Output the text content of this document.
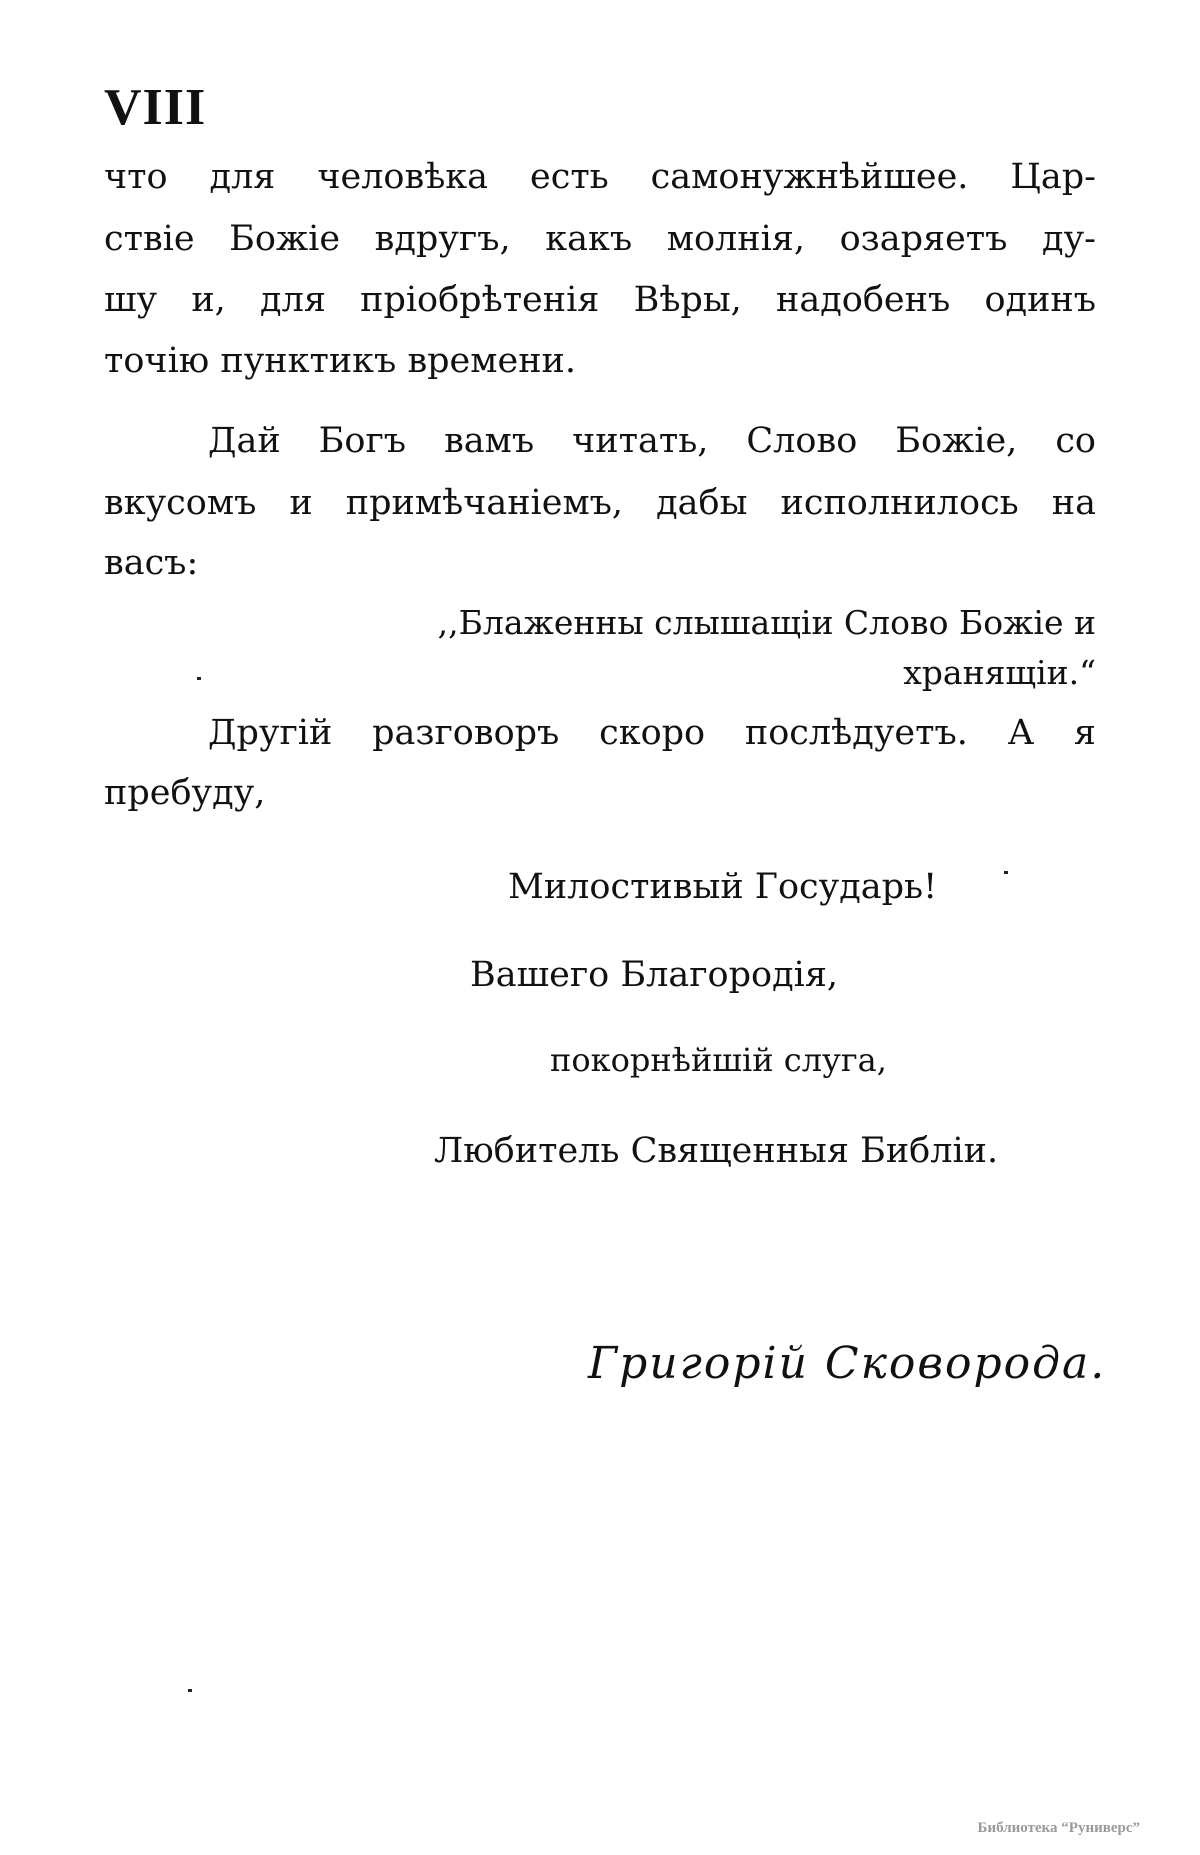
VIII
что для человѣка есть самонужнѣйшее. Цар-
ствіе Божіе вдругъ, какъ молнія, озаряетъ ду-
шу и, для пріобрѣтенія Вѣры, надобенъ одинъ
точію пунктикъ времени.
Дай Богъ вамъ читать, Слово Божіе, со
вкусомъ и примѣчаніемъ, дабы исполнилось на
васъ:
,,Блаженны слышащіи Слово Божіе и
хранящіи.“
Другій разговоръ скоро послѣдуетъ. А я
пребуду,
Милостивый Государь!
Вашего Благородія,
покорнѣйшій слуга,
Любитель Священныя Библіи.
Григорій Сковорода.
Библиотека “Руниверс”
